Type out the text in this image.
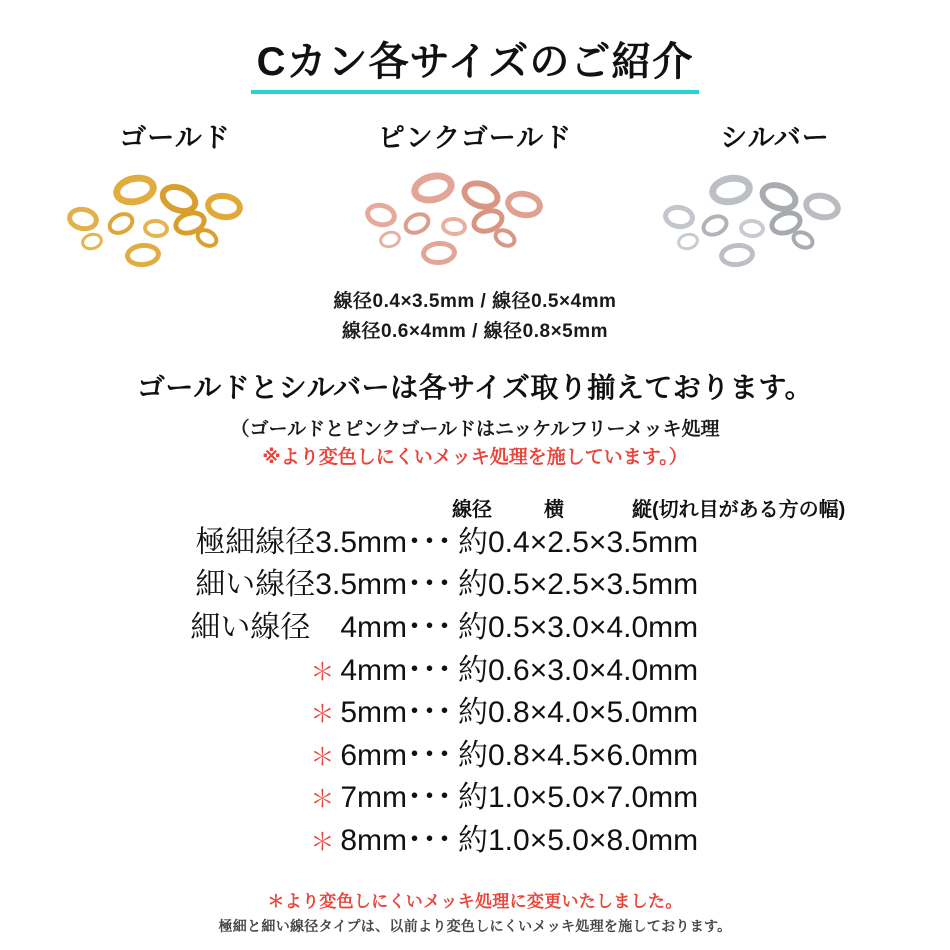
Cカン各サイズのご紹介
ゴールド	ピンクゴールド	シルバー
線径0.4×3.5mm / 線径0.5×4mm
線径0.6×4mm / 線径0.8×5mm
ゴールドとシルバーは各サイズ取り揃えております。
（ゴールドとピンクゴールドはニッケルフリーメッキ処理
※より変色しにくいメッキ処理を施しています。）
線径	横	縦(切れ目がある方の幅)
極細線径3.5mm ･･･ 約0.4×2.5×3.5mm
細い線径3.5mm ･･･ 約0.5×2.5×3.5mm
細い線径　4mm ･･･ 約0.5×3.0×4.0mm
＊ 4mm ･･･ 約0.6×3.0×4.0mm
＊ 5mm ･･･ 約0.8×4.0×5.0mm
＊ 6mm ･･･ 約0.8×4.5×6.0mm
＊ 7mm ･･･ 約1.0×5.0×7.0mm
＊ 8mm ･･･ 約1.0×5.0×8.0mm
＊より変色しにくいメッキ処理に変更いたしました。
極細と細い線径タイプは、以前より変色しにくいメッキ処理を施しております。
